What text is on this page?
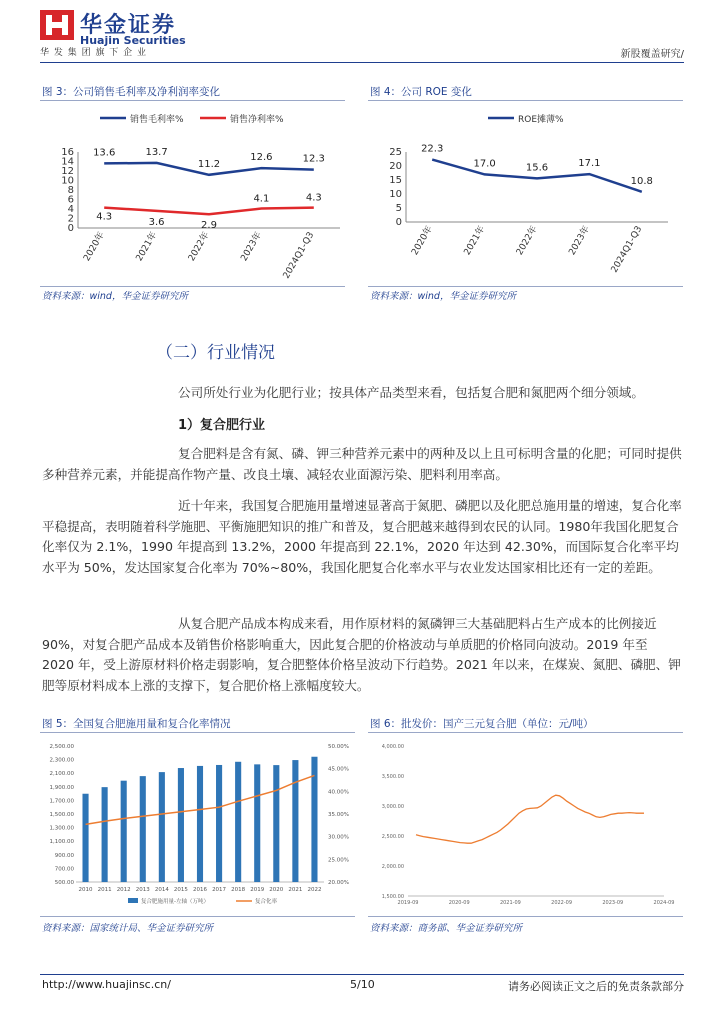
华金证券
Huajin Securities
华 发 集 团 旗 下 企 业	新股覆盖研究/
图 3：公司销售毛利率及净利润率变化
0
2
4
6
8
10
12
14
16
2020年	2021年	2022年	2023年 2024Q1-Q3
销售毛利率%
13.6	13.7
11.2
12.6	12.3
销售净利率%
4.3	3.6	2.9
4.1	4.3
资料来源：wind，华金证券研究所
图 4：公司 ROE 变化
0
5
10
15
20
25
2020年	2021年	2022年	2023年 2024Q1-Q3
ROE摊薄%
22.3
17.0	15.6	17.1
10.8
资料来源：wind，华金证券研究所
（二）行业情况
公司所处行业为化肥行业；按具体产品类型来看，包括复合肥和氮肥两个细分领域。
1）复合肥行业
复合肥料是含有氮、磷、钾三种营养元素中的两种及以上且可标明含量的化肥；可同时提供多种营养元素，并能提高作物产量、改良土壤、减轻农业面源污染、肥料利用率高。
近十年来，我国复合肥施用量增速显著高于氮肥、磷肥以及化肥总施用量的增速，复合化率平稳提高，表明随着科学施肥、平衡施肥知识的推广和普及，复合肥越来越得到农民的认同。1980年我国化肥复合化率仅为 2.1%，1990 年提高到 13.2%，2000 年提高到 22.1%，2020 年达到 42.30%，而国际复合化率平均水平为 50%，发达国家复合化率为 70%~80%，我国化肥复合化率水平与农业发达国家相比还有一定的差距。
从复合肥产品成本构成来看，用作原材料的氮磷钾三大基础肥料占生产成本的比例接近90%，对复合肥产品成本及销售价格影响重大，因此复合肥的价格波动与单质肥的价格同向波动。2019 年至 2020 年，受上游原材料价格走弱影响，复合肥整体价格呈波动下行趋势。2021 年以来，在煤炭、氮肥、磷肥、钾肥等原材料成本上涨的支撑下，复合肥价格上涨幅度较大。
图 5：全国复合肥施用量和复合化率情况
500.00
700.00
900.00
1,100.00
1,300.00
1,500.00
1,700.00
1,900.00
2,100.00
2,300.00
2,500.00
20.00%
25.00%
30.00%
35.00%
40.00%
45.00%
50.00%
2010 2011 2012 2013 2014 2015 2016 2017 2018 2019 2020 2021 2022
复合肥施用量-左轴（万吨）	复合化率
资料来源：国家统计局、华金证券研究所
图 6：批发价：国产三元复合肥（单位：元/吨）
1,500.00
2,000.00
2,500.00
3,000.00
3,500.00
4,000.00
2019-09	2020-09	2021-09	2022-09	2023-09	2024-09
资料来源：商务部、华金证券研究所
http://www.huajinsc.cn/	5/10	请务必阅读正文之后的免责条款部分
